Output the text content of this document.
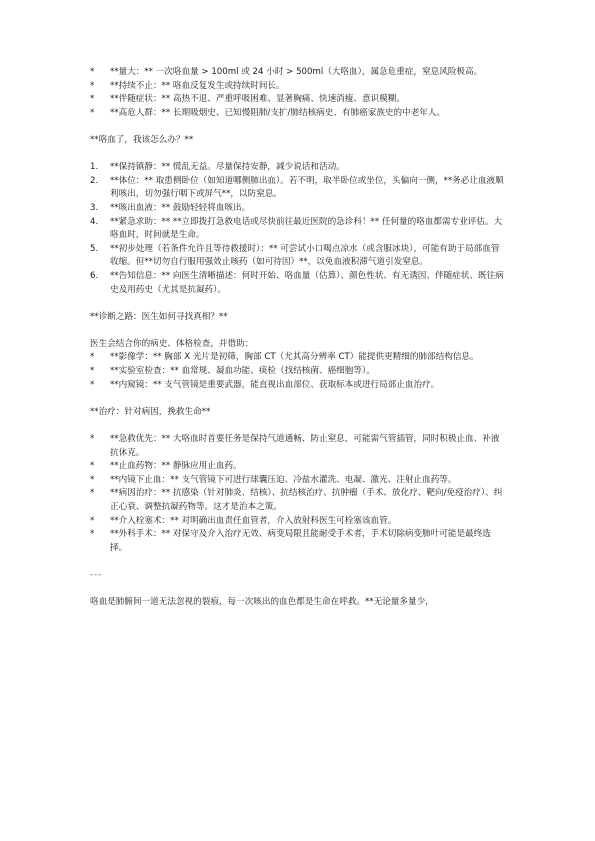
* **量大：** 一次咯血量 > 100ml 或 24 小时 > 500ml（大咯血），属急危重症，窒息风险极高。
* **持续不止：** 咯血反复发生或持续时间长。
* **伴随症状：** 高热不退、严重呼吸困难、显著胸痛、快速消瘦、意识模糊。
* **高危人群：** 长期吸烟史、已知慢阻肺/支扩/肺结核病史、有肺癌家族史的中老年人。
**咯血了，我该怎么办？**
1. **保持镇静：** 慌乱无益。尽量保持安静，减少说话和活动。
2. **体位：** 取患侧卧位（如知道哪侧肺出血）。若不明，取半卧位或坐位，头偏向一侧，**务必让血液顺利咳出，切勿强行咽下或屏气**，以防窒息。
3. **咳出血液：** 鼓励轻轻将血咳出。
4. **紧急求助：** **立即拨打急救电话或尽快前往最近医院的急诊科！** 任何量的咯血都需专业评估。大咯血时，时间就是生命。
5. **初步处理（若条件允许且等待救援时）：** 可尝试小口喝点凉水（或含服冰块），可能有助于局部血管收缩。但**切勿自行服用强效止咳药（如可待因）**，以免血液积滞气道引发窒息。
6. **告知信息：** 向医生清晰描述：何时开始、咯血量（估算）、颜色性状、有无诱因、伴随症状、既往病史及用药史（尤其是抗凝药）。
**诊断之路：医生如何寻找真相？**
医生会结合你的病史、体格检查，并借助：
* **影像学：** 胸部 X 光片是初筛，胸部 CT（尤其高分辨率 CT）能提供更精细的肺部结构信息。
* **实验室检查：** 血常规、凝血功能、痰检（找结核菌、癌细胞等）。
* **内窥镜：** 支气管镜是重要武器，能直视出血部位、获取标本或进行局部止血治疗。
**治疗：针对病因，挽救生命**
* **急救优先：** 大咯血时首要任务是保持气道通畅、防止窒息，可能需气管插管，同时积极止血、补液抗休克。
* **止血药物：** 静脉应用止血药。
* **内镜下止血：** 支气管镜下可进行球囊压迫、冷盐水灌洗、电凝、激光、注射止血药等。
* **病因治疗：** 抗感染（针对肺炎、结核）、抗结核治疗、抗肿瘤（手术、放化疗、靶向/免疫治疗）、纠正心衰、调整抗凝药物等。这才是治本之策。
* **介入栓塞术：** 对明确出血责任血管者，介入放射科医生可栓塞该血管。
* **外科手术：** 对保守及介入治疗无效、病变局限且能耐受手术者，手术切除病变肺叶可能是最终选择。
---
咯血是肺腑间一道无法忽视的裂痕，每一次咳出的血色都是生命在呼救。**无论量多量少，
